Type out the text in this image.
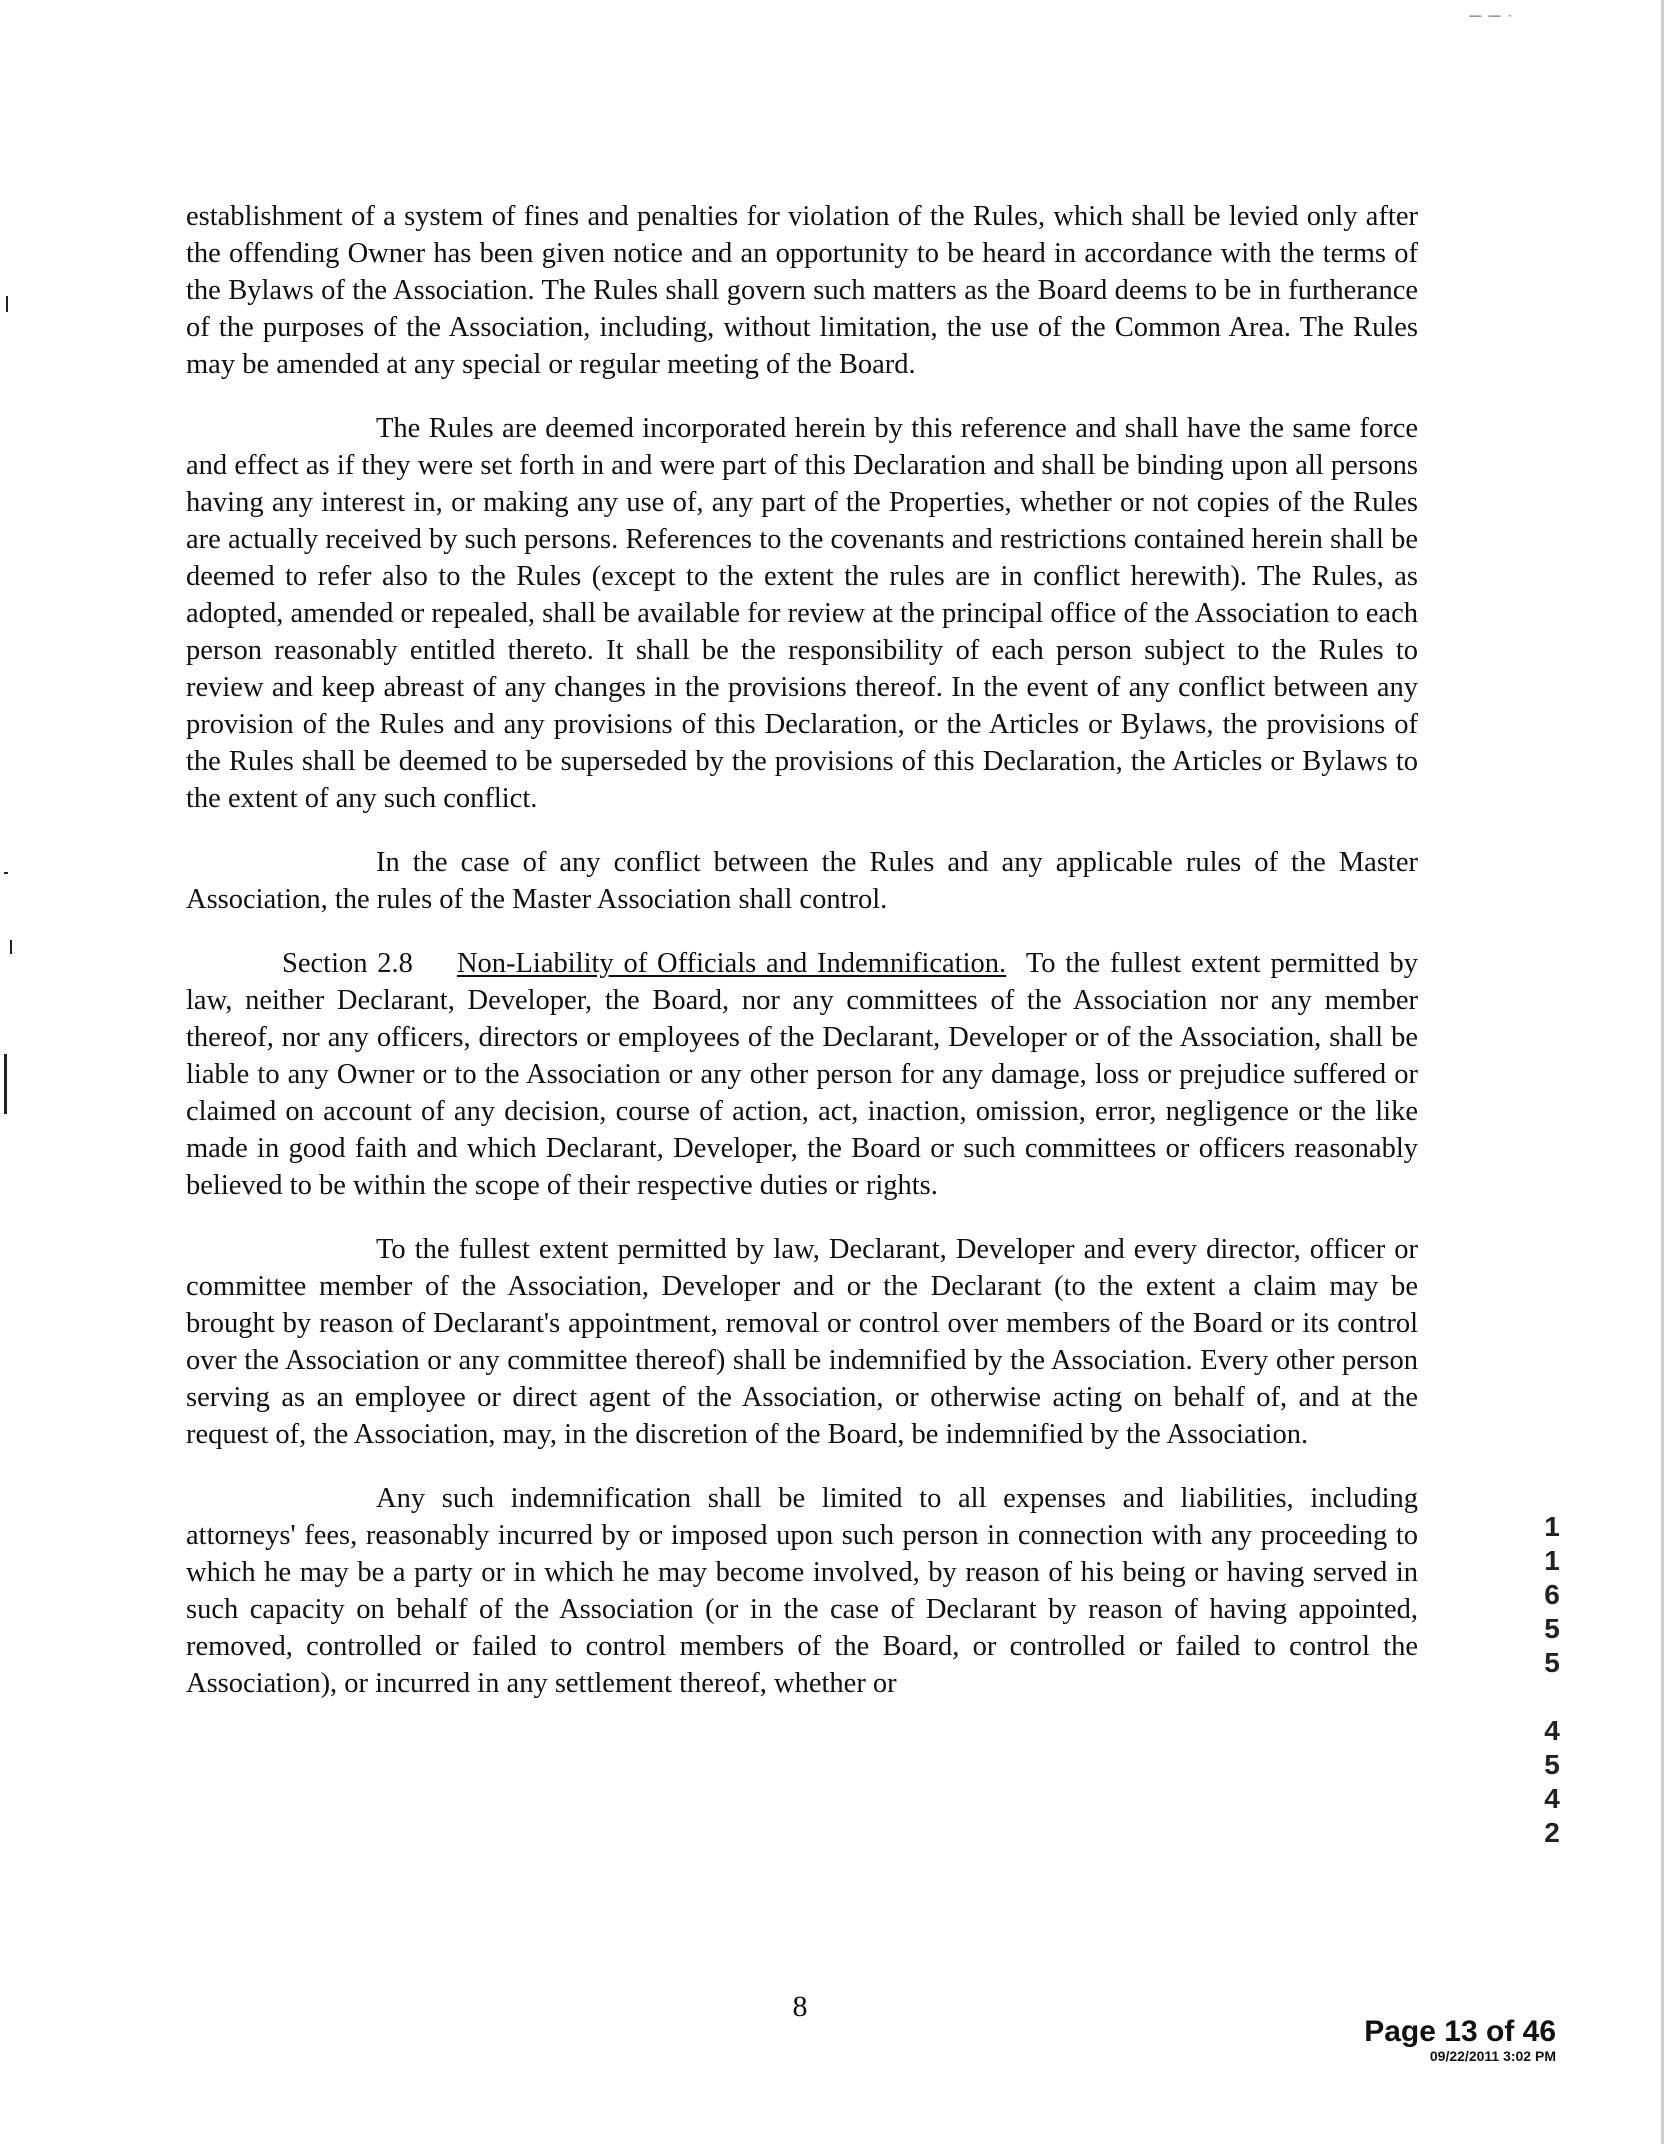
— — ·

establishment of a system of fines and penalties for violation of the Rules, which shall be levied only after the offending Owner has been given notice and an opportunity to be heard in accordance with the terms of the Bylaws of the Association. The Rules shall govern such matters as the Board deems to be in furtherance of the purposes of the Association, including, without limitation, the use of the Common Area. The Rules may be amended at any special or regular meeting of the Board.

The Rules are deemed incorporated herein by this reference and shall have the same force and effect as if they were set forth in and were part of this Declaration and shall be binding upon all persons having any interest in, or making any use of, any part of the Properties, whether or not copies of the Rules are actually received by such persons. References to the covenants and restrictions contained herein shall be deemed to refer also to the Rules (except to the extent the rules are in conflict herewith). The Rules, as adopted, amended or repealed, shall be available for review at the principal office of the Association to each person reasonably entitled thereto. It shall be the responsibility of each person subject to the Rules to review and keep abreast of any changes in the provisions thereof. In the event of any conflict between any provision of the Rules and any provisions of this Declaration, or the Articles or Bylaws, the provisions of the Rules shall be deemed to be superseded by the provisions of this Declaration, the Articles or Bylaws to the extent of any such conflict.

In the case of any conflict between the Rules and any applicable rules of the Master Association, the rules of the Master Association shall control.

Section 2.8 Non-Liability of Officials and Indemnification. To the fullest extent permitted by law, neither Declarant, Developer, the Board, nor any committees of the Association nor any member thereof, nor any officers, directors or employees of the Declarant, Developer or of the Association, shall be liable to any Owner or to the Association or any other person for any damage, loss or prejudice suffered or claimed on account of any decision, course of action, act, inaction, omission, error, negligence or the like made in good faith and which Declarant, Developer, the Board or such committees or officers reasonably believed to be within the scope of their respective duties or rights.

To the fullest extent permitted by law, Declarant, Developer and every director, officer or committee member of the Association, Developer and or the Declarant (to the extent a claim may be brought by reason of Declarant's appointment, removal or control over members of the Board or its control over the Association or any committee thereof) shall be indemnified by the Association. Every other person serving as an employee or direct agent of the Association, or otherwise acting on behalf of, and at the request of, the Association, may, in the discretion of the Board, be indemnified by the Association.

Any such indemnification shall be limited to all expenses and liabilities, including attorneys' fees, reasonably incurred by or imposed upon such person in connection with any proceeding to which he may be a party or in which he may become involved, by reason of his being or having served in such capacity on behalf of the Association (or in the case of Declarant by reason of having appointed, removed, controlled or failed to control members of the Board, or controlled or failed to control the Association), or incurred in any settlement thereof, whether or

1
1
6
5
5
4
5
4
2
8
Page 13 of 46
09/22/2011 3:02 PM
